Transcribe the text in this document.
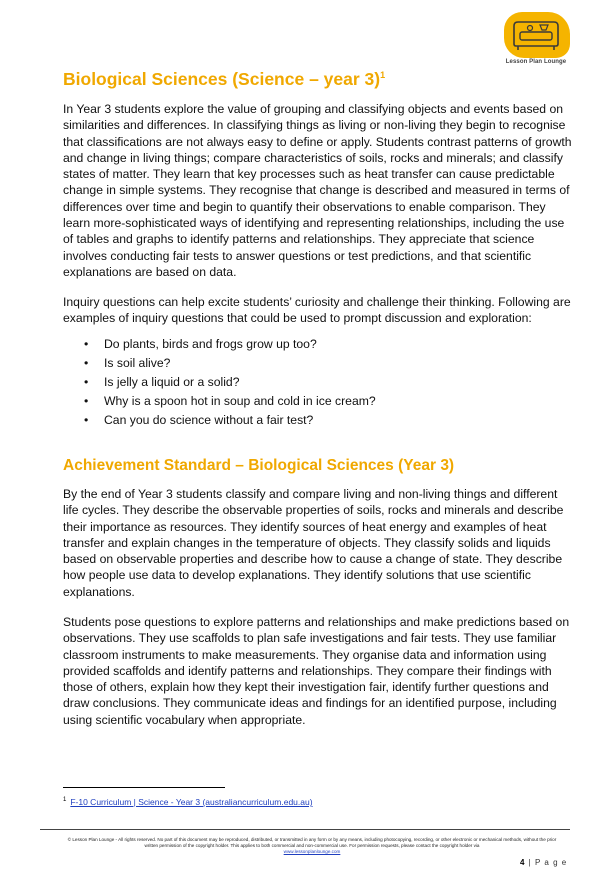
Lesson Plan Lounge
Biological Sciences (Science – year 3)$^1$

In Year 3 students explore the value of grouping and classifying objects and events based on similarities and differences. In classifying things as living or non-living they begin to recognise that classifications are not always easy to define or apply. Students contrast patterns of growth and change in living things; compare characteristics of soils, rocks and minerals; and classify states of matter. They learn that key processes such as heat transfer can cause predictable change in simple systems. They recognise that change is described and measured in terms of differences over time and begin to quantify their observations to enable comparison. They learn more-sophisticated ways of identifying and representing relationships, including the use of tables and graphs to identify patterns and relationships. They appreciate that science involves conducting fair tests to answer questions or test predictions, and that scientific explanations are based on data.

Inquiry questions can help excite students’ curiosity and challenge their thinking. Following are examples of inquiry questions that could be used to prompt discussion and exploration:

• Do plants, birds and frogs grow up too?
• Is soil alive?
• Is jelly a liquid or a solid?
• Why is a spoon hot in soup and cold in ice cream?
• Can you do science without a fair test?
Achievement Standard – Biological Sciences (Year 3)

By the end of Year 3 students classify and compare living and non-living things and different life cycles. They describe the observable properties of soils, rocks and minerals and describe their importance as resources. They identify sources of heat energy and examples of heat transfer and explain changes in the temperature of objects. They classify solids and liquids based on observable properties and describe how to cause a change of state. They describe how people use data to develop explanations. They identify solutions that use scientific explanations.

Students pose questions to explore patterns and relationships and make predictions based on observations. They use scaffolds to plan safe investigations and fair tests. They use familiar classroom instruments to make measurements. They organise data and information using provided scaffolds and identify patterns and relationships. They compare their findings with those of others, explain how they kept their investigation fair, identify further questions and draw conclusions. They communicate ideas and findings for an identified purpose, including using scientific vocabulary when appropriate.

$^1$ F-10 Curriculum | Science - Year 3 (australiancurriculum.edu.au)
© Lesson Plan Lounge - All rights reserved. No part of this document may be reproduced, distributed, or transmitted in any form or by any means, including photocopying, recording, or other electronic or mechanical methods, without the prior written permission of the copyright holder. This applies to both commercial and non-commercial use. For permission requests, please contact the copyright holder via
www.lessonplanlounge.com
4 | P a g e
